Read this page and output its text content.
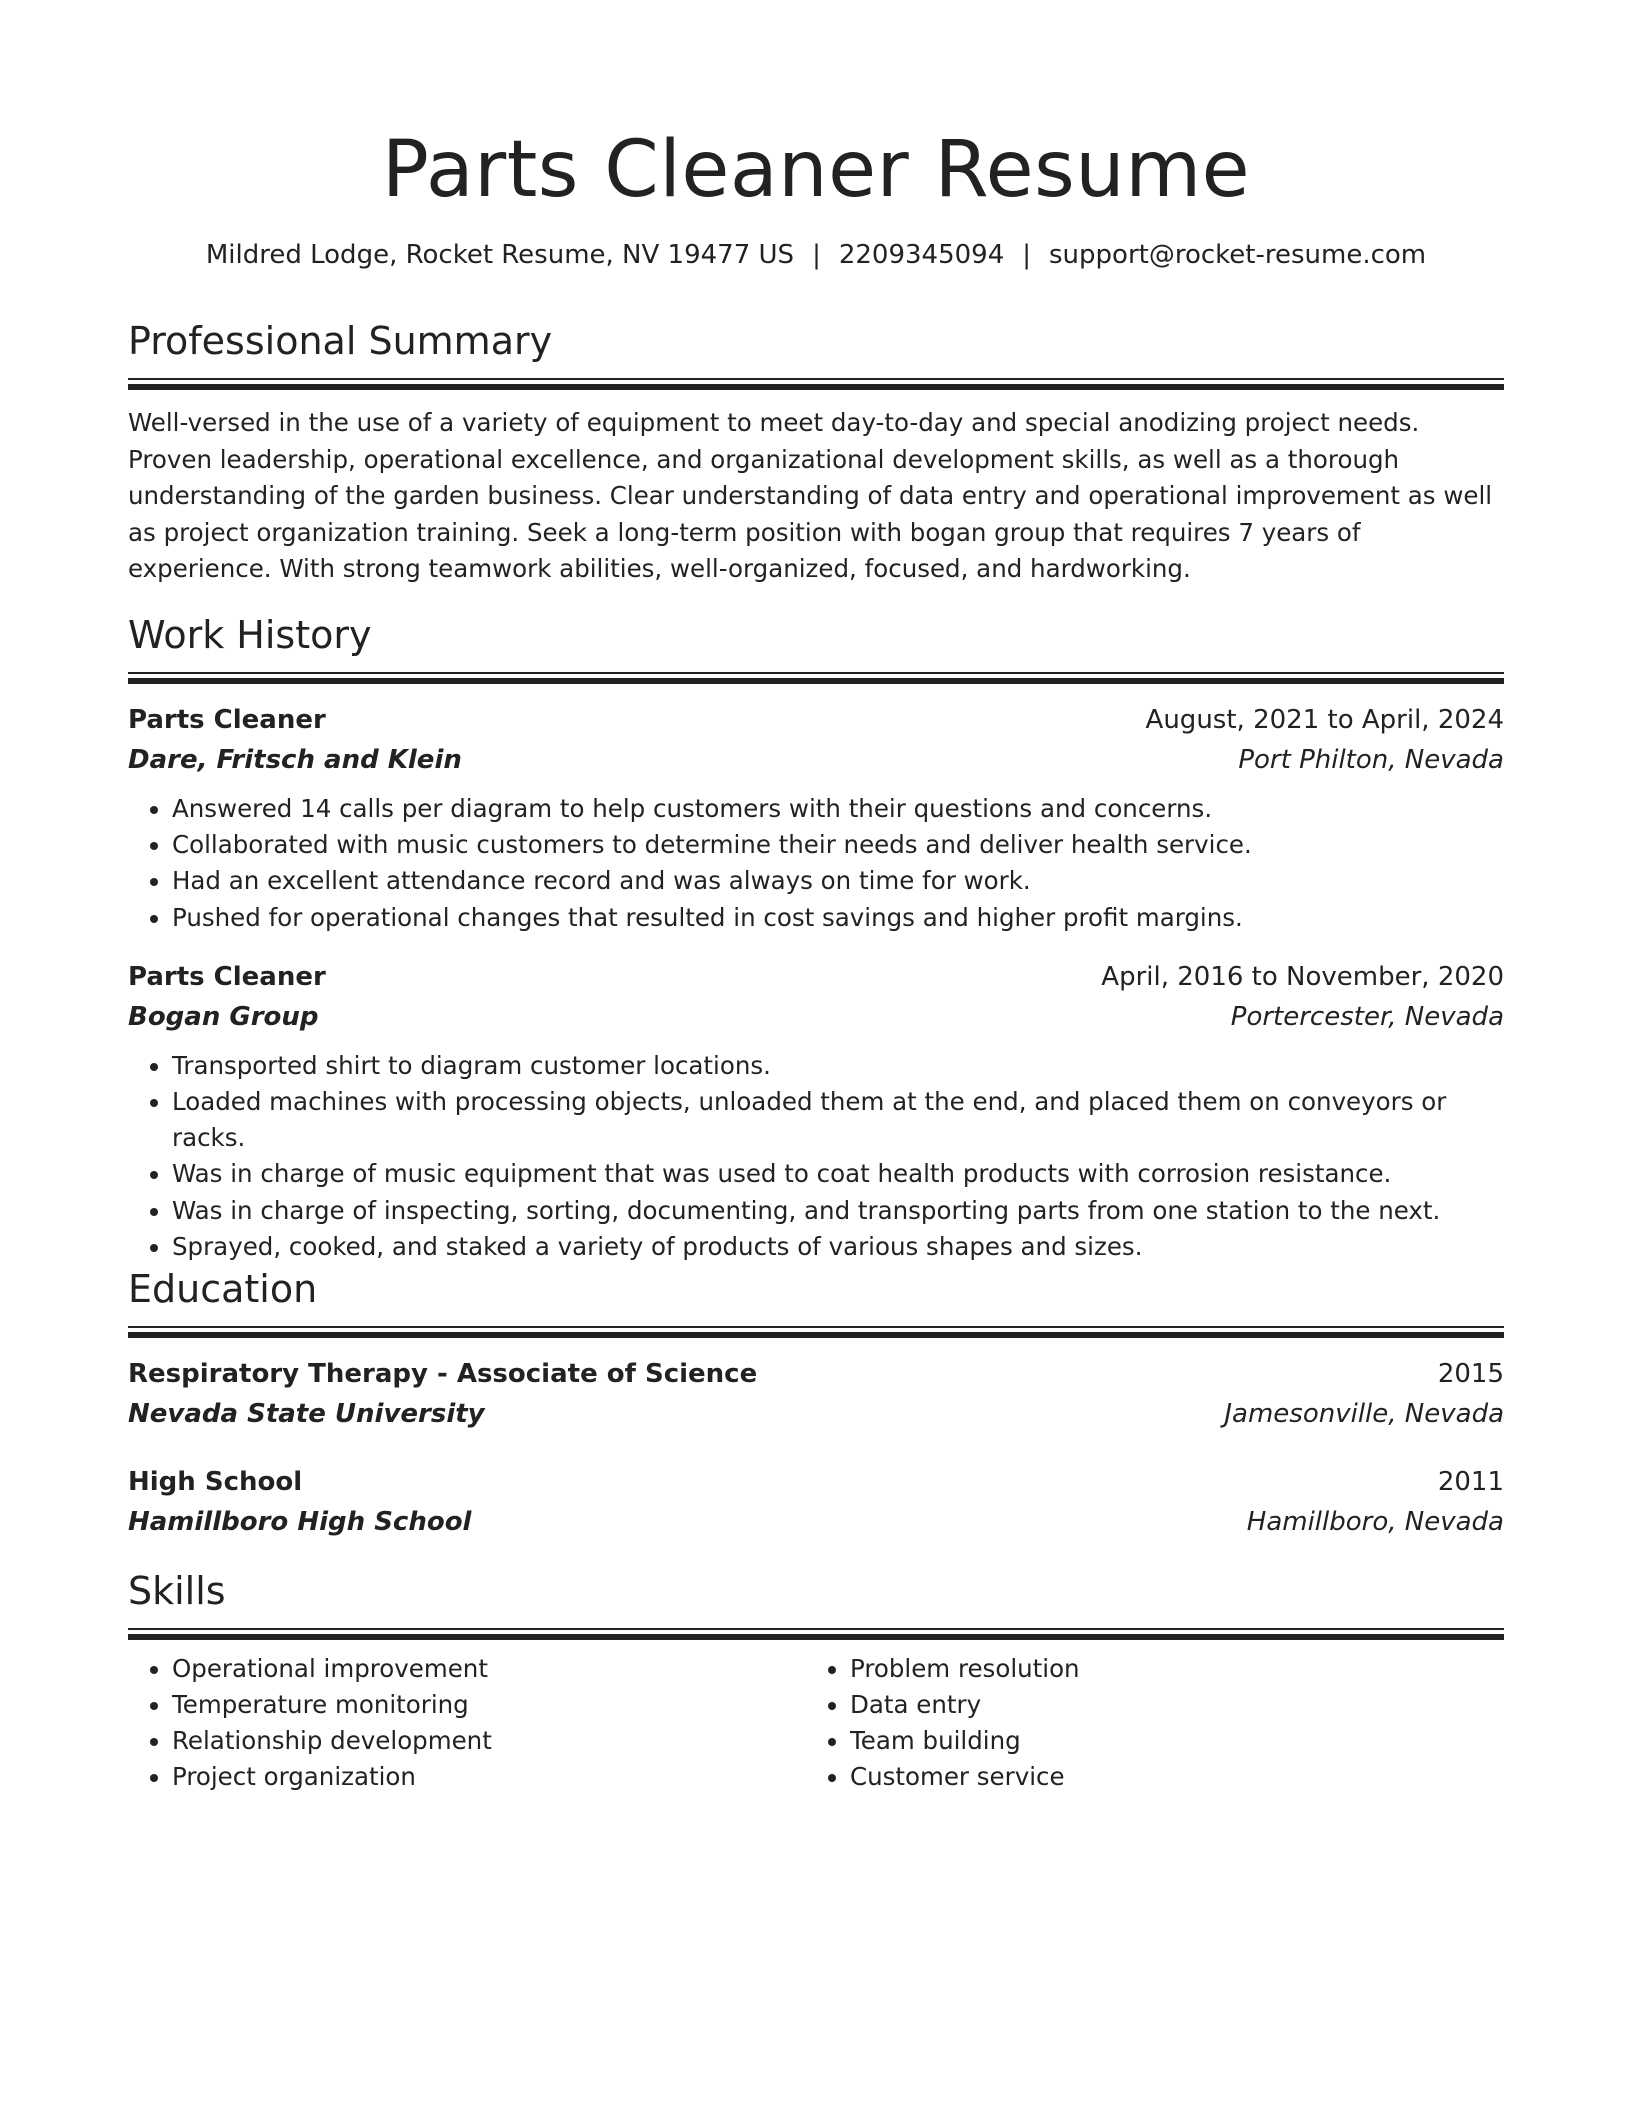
Parts Cleaner Resume
Mildred Lodge, Rocket Resume, NV 19477 US | 2209345094 | support@rocket-resume.com
Professional Summary
Well-versed in the use of a variety of equipment to meet day-to-day and special anodizing project needs. Proven leadership, operational excellence, and organizational development skills, as well as a thorough understanding of the garden business. Clear understanding of data entry and operational improvement as well as project organization training. Seek a long-term position with bogan group that requires 7 years of experience. With strong teamwork abilities, well-organized, focused, and hardworking.
Work History
Parts Cleaner	August, 2021 to April, 2024
Dare, Fritsch and Klein	Port Philton, Nevada
• Answered 14 calls per diagram to help customers with their questions and concerns.
• Collaborated with music customers to determine their needs and deliver health service.
• Had an excellent attendance record and was always on time for work.
• Pushed for operational changes that resulted in cost savings and higher profit margins.
Parts Cleaner	April, 2016 to November, 2020
Bogan Group	Portercester, Nevada
• Transported shirt to diagram customer locations.
• Loaded machines with processing objects, unloaded them at the end, and placed them on conveyors or racks.
• Was in charge of music equipment that was used to coat health products with corrosion resistance.
• Was in charge of inspecting, sorting, documenting, and transporting parts from one station to the next.
• Sprayed, cooked, and staked a variety of products of various shapes and sizes.
Education
Respiratory Therapy - Associate of Science	2015
Nevada State University	Jamesonville, Nevada
High School	2011
Hamillboro High School	Hamillboro, Nevada
Skills
• Operational improvement
• Temperature monitoring
• Relationship development
• Project organization
• Problem resolution
• Data entry
• Team building
• Customer service
